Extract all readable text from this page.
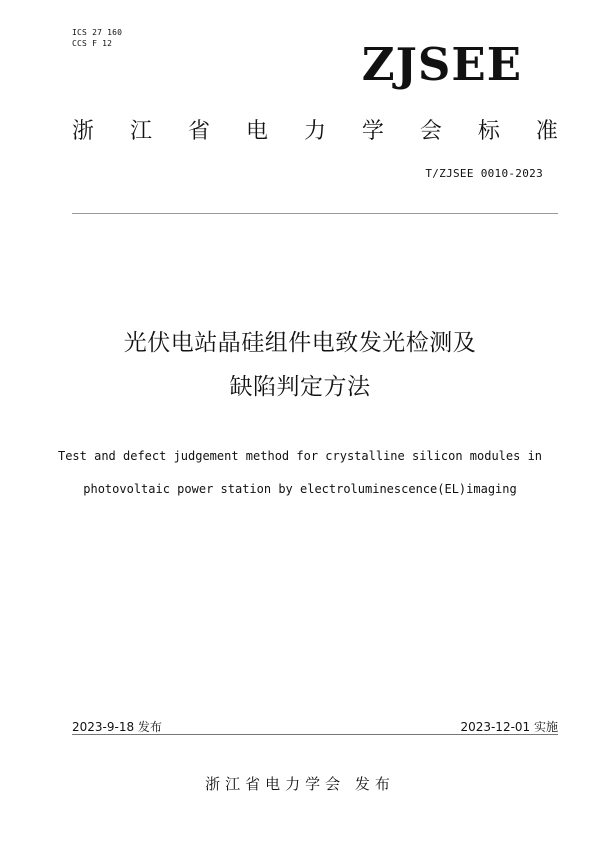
ICS 27 160
CCS F 12	ZJSEE
浙 江 省 电 力 学 会 标 准
T/ZJSEE 0010-2023
光伏电站晶硅组件电致发光检测及
缺陷判定方法
Test and defect judgement method for crystalline silicon modules in
photovoltaic power station by electroluminescence(EL)imaging
2023-9-18 发布	2023-12-01 实施
浙江省电力学会 发布
